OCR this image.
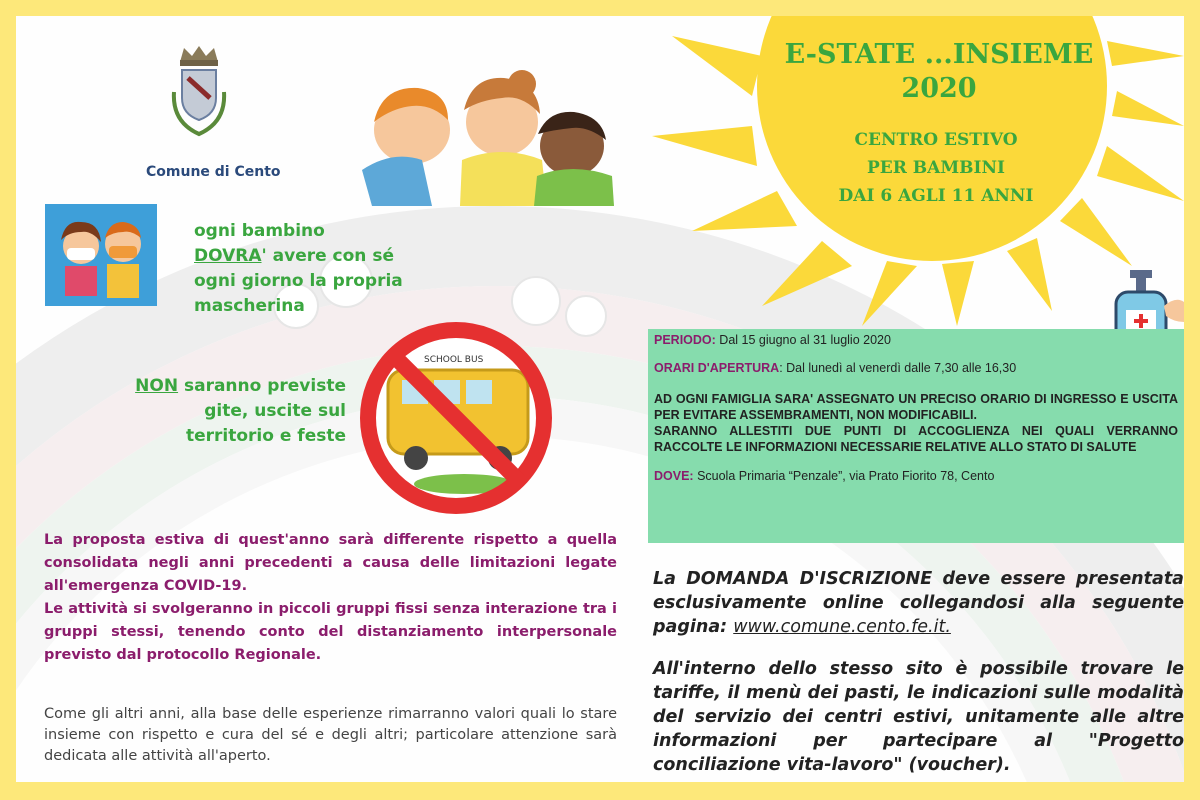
Comune di Cento
ogni bambino
DOVRA' avere con sé ogni giorno la propria mascherina
SCHOOL BUS
NON saranno previste gite, uscite sul territorio e feste
E-STATE ...INSIEME
2020
CENTRO ESTIVO
PER BAMBINI
DAI 6 AGLI 11 ANNI

PERIODO: Dal 15 giugno al 31 luglio 2020

ORARI D'APERTURA: Dal lunedì al venerdì dalle 7,30 alle 16,30

AD OGNI FAMIGLIA SARA' ASSEGNATO UN PRECISO ORARIO DI INGRESSO E USCITA PER EVITARE ASSEMBRAMENTI, NON MODIFICABILI.
SARANNO ALLESTITI DUE PUNTI DI ACCOGLIENZA NEI QUALI VERRANNO RACCOLTE LE INFORMAZIONI NECESSARIE RELATIVE ALLO STATO DI SALUTE

DOVE: Scuola Primaria “Penzale”, via Prato Fiorito 78, Cento

La proposta estiva di quest'anno sarà differente rispetto a quella consolidata negli anni precedenti a causa delle limitazioni legate all'emergenza COVID-19.

Le attività si svolgeranno in piccoli gruppi fissi senza interazione tra i gruppi stessi, tenendo conto del distanziamento interpersonale previsto dal protocollo Regionale.

Come gli altri anni, alla base delle esperienze rimarranno valori quali lo stare insieme con rispetto e cura del sé e degli altri; particolare attenzione sarà dedicata alle attività all'aperto.

La DOMANDA D'ISCRIZIONE deve essere presentata esclusivamente online collegandosi alla seguente pagina: www.comune.cento.fe.it.

All'interno dello stesso sito è possibile trovare le tariffe, il menù dei pasti, le indicazioni sulle modalità del servizio dei centri estivi, unitamente alle altre informazioni per partecipare al "Progetto conciliazione vita-lavoro" (voucher).
